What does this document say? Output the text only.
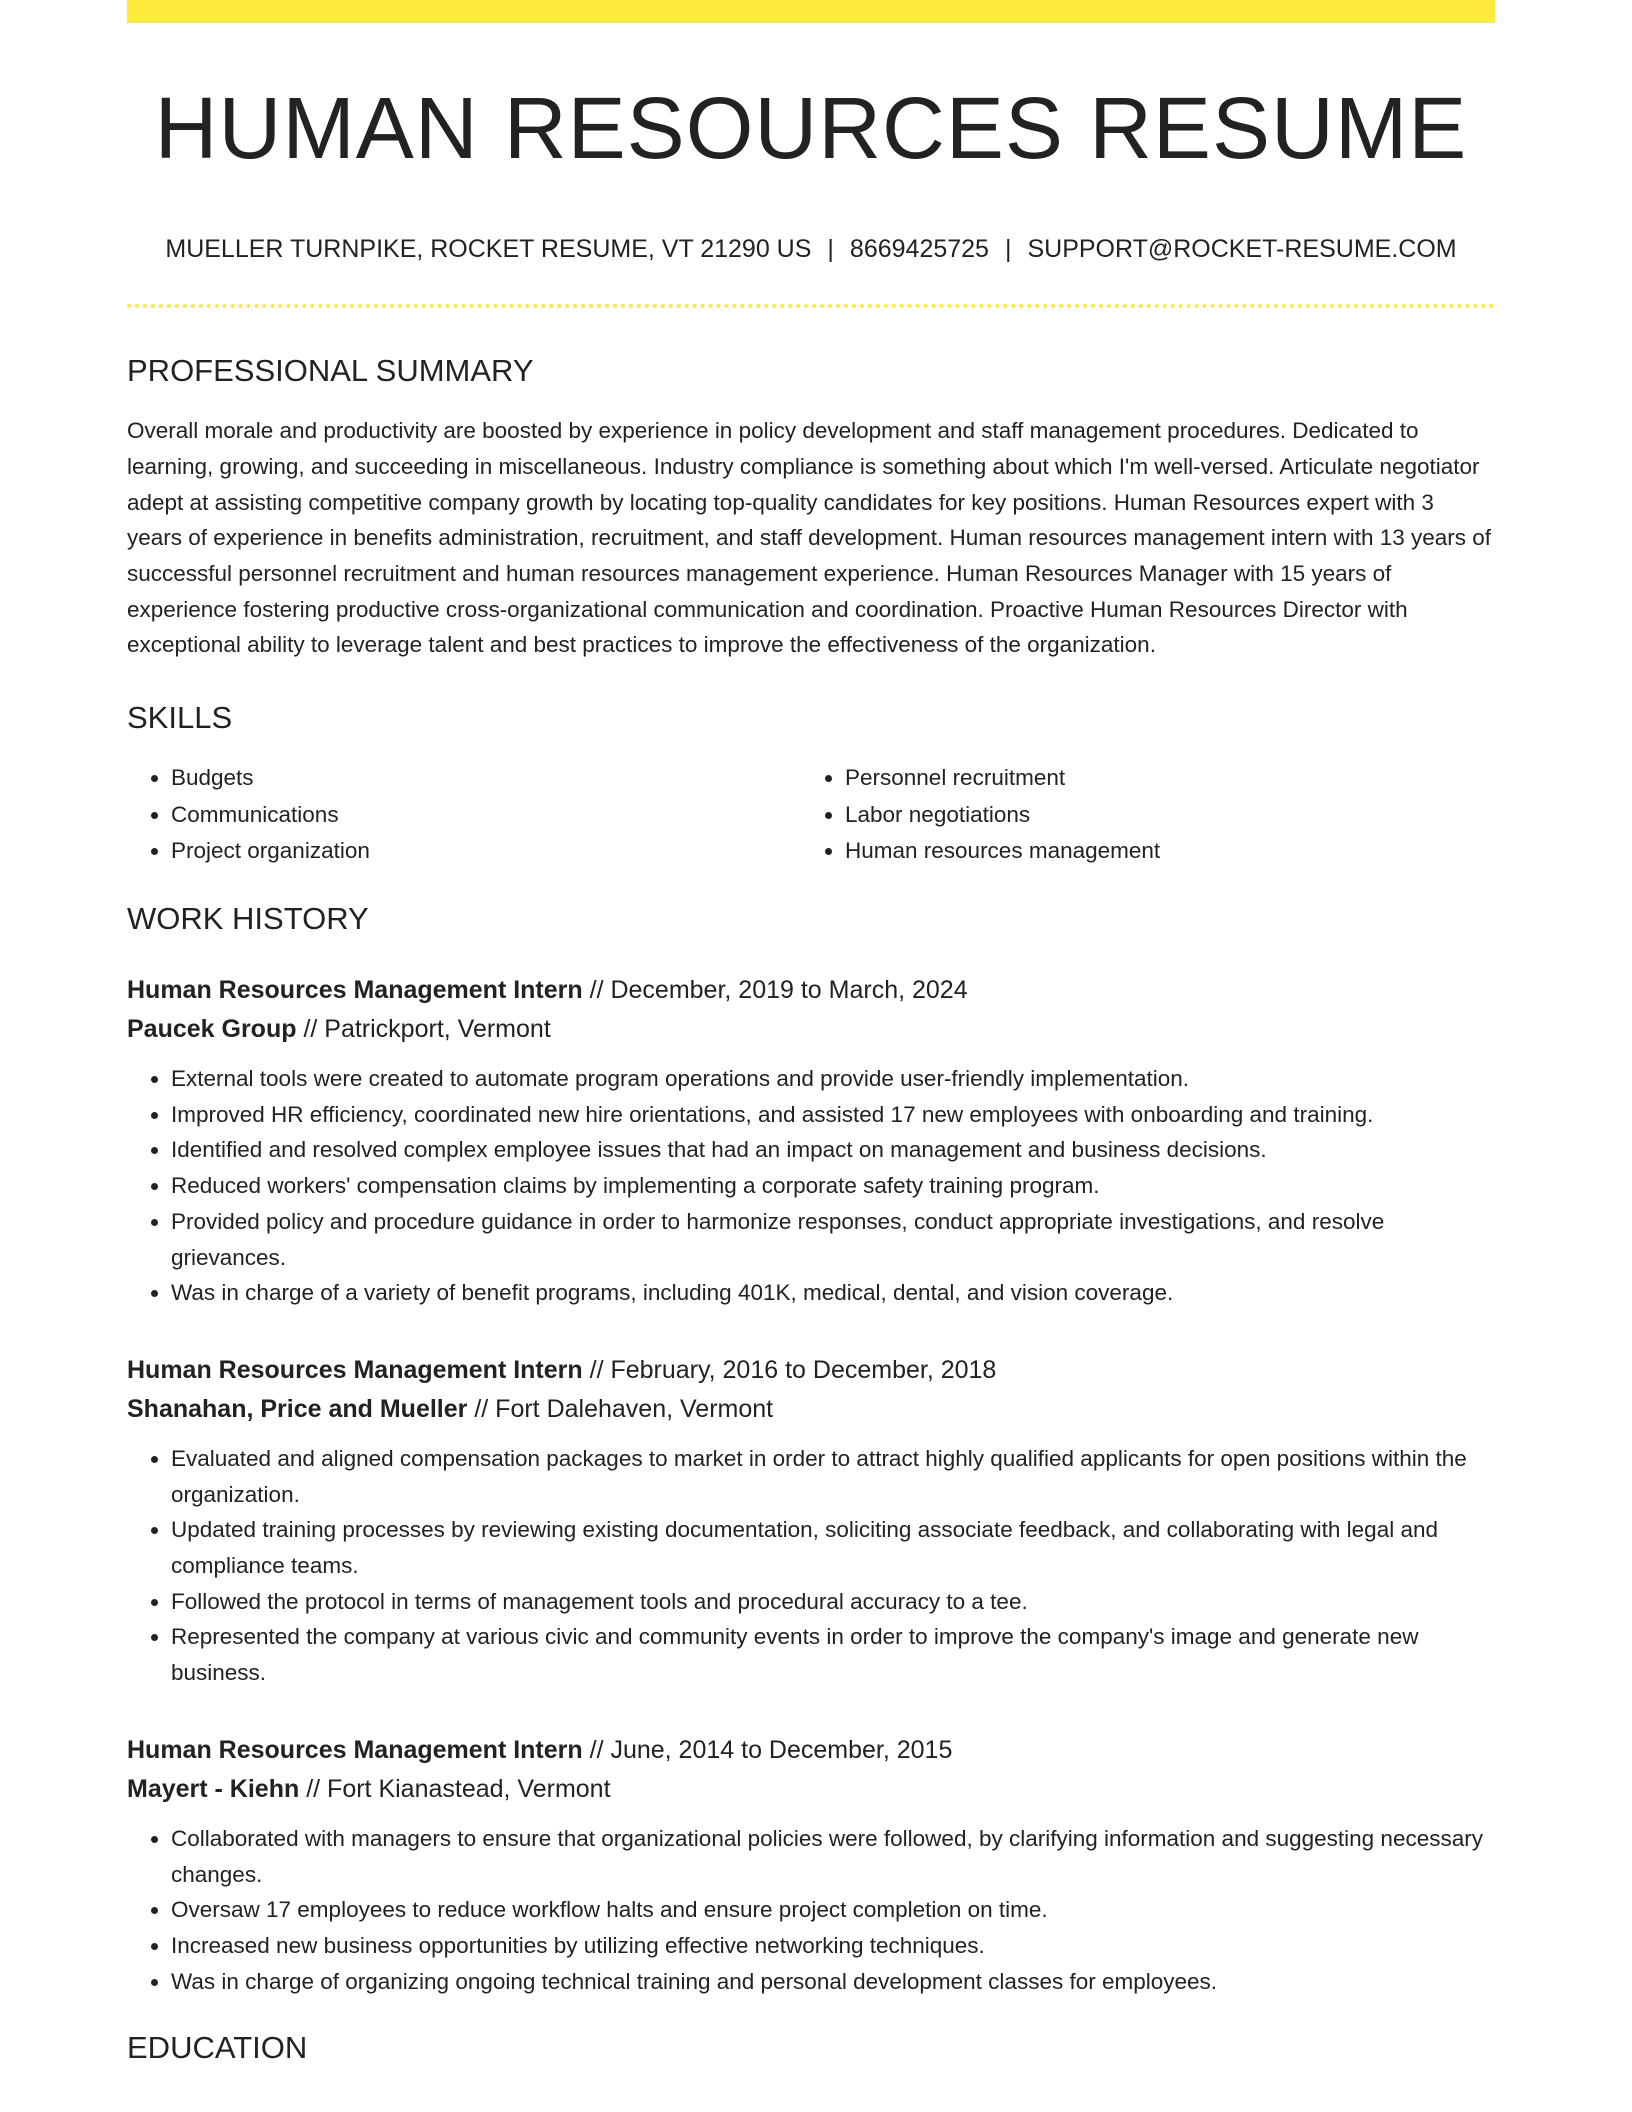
HUMAN RESOURCES RESUME
MUELLER TURNPIKE, ROCKET RESUME, VT 21290 US | 8669425725 | SUPPORT@ROCKET-RESUME.COM
PROFESSIONAL SUMMARY

Overall morale and productivity are boosted by experience in policy development and staff management procedures. Dedicated to learning, growing, and succeeding in miscellaneous. Industry compliance is something about which I'm well-versed. Articulate negotiator adept at assisting competitive company growth by locating top-quality candidates for key positions. Human Resources expert with 3 years of experience in benefits administration, recruitment, and staff development. Human resources management intern with 13 years of successful personnel recruitment and human resources management experience. Human Resources Manager with 15 years of experience fostering productive cross-organizational communication and coordination. Proactive Human Resources Director with exceptional ability to leverage talent and best practices to improve the effectiveness of the organization.

SKILLS
• Budgets
• Communications
• Project organization
• Personnel recruitment
• Labor negotiations
• Human resources management
WORK HISTORY
Human Resources Management Intern // December, 2019 to March, 2024
Paucek Group // Patrickport, Vermont
• External tools were created to automate program operations and provide user-friendly implementation.
• Improved HR efficiency, coordinated new hire orientations, and assisted 17 new employees with onboarding and training.
• Identified and resolved complex employee issues that had an impact on management and business decisions.
• Reduced workers' compensation claims by implementing a corporate safety training program.
• Provided policy and procedure guidance in order to harmonize responses, conduct appropriate investigations, and resolve grievances.
• Was in charge of a variety of benefit programs, including 401K, medical, dental, and vision coverage.
Human Resources Management Intern // February, 2016 to December, 2018
Shanahan, Price and Mueller // Fort Dalehaven, Vermont
• Evaluated and aligned compensation packages to market in order to attract highly qualified applicants for open positions within the organization.
• Updated training processes by reviewing existing documentation, soliciting associate feedback, and collaborating with legal and compliance teams.
• Followed the protocol in terms of management tools and procedural accuracy to a tee.
• Represented the company at various civic and community events in order to improve the company's image and generate new business.
Human Resources Management Intern // June, 2014 to December, 2015
Mayert - Kiehn // Fort Kianastead, Vermont
• Collaborated with managers to ensure that organizational policies were followed, by clarifying information and suggesting necessary changes.
• Oversaw 17 employees to reduce workflow halts and ensure project completion on time.
• Increased new business opportunities by utilizing effective networking techniques.
• Was in charge of organizing ongoing technical training and personal development classes for employees.
EDUCATION
